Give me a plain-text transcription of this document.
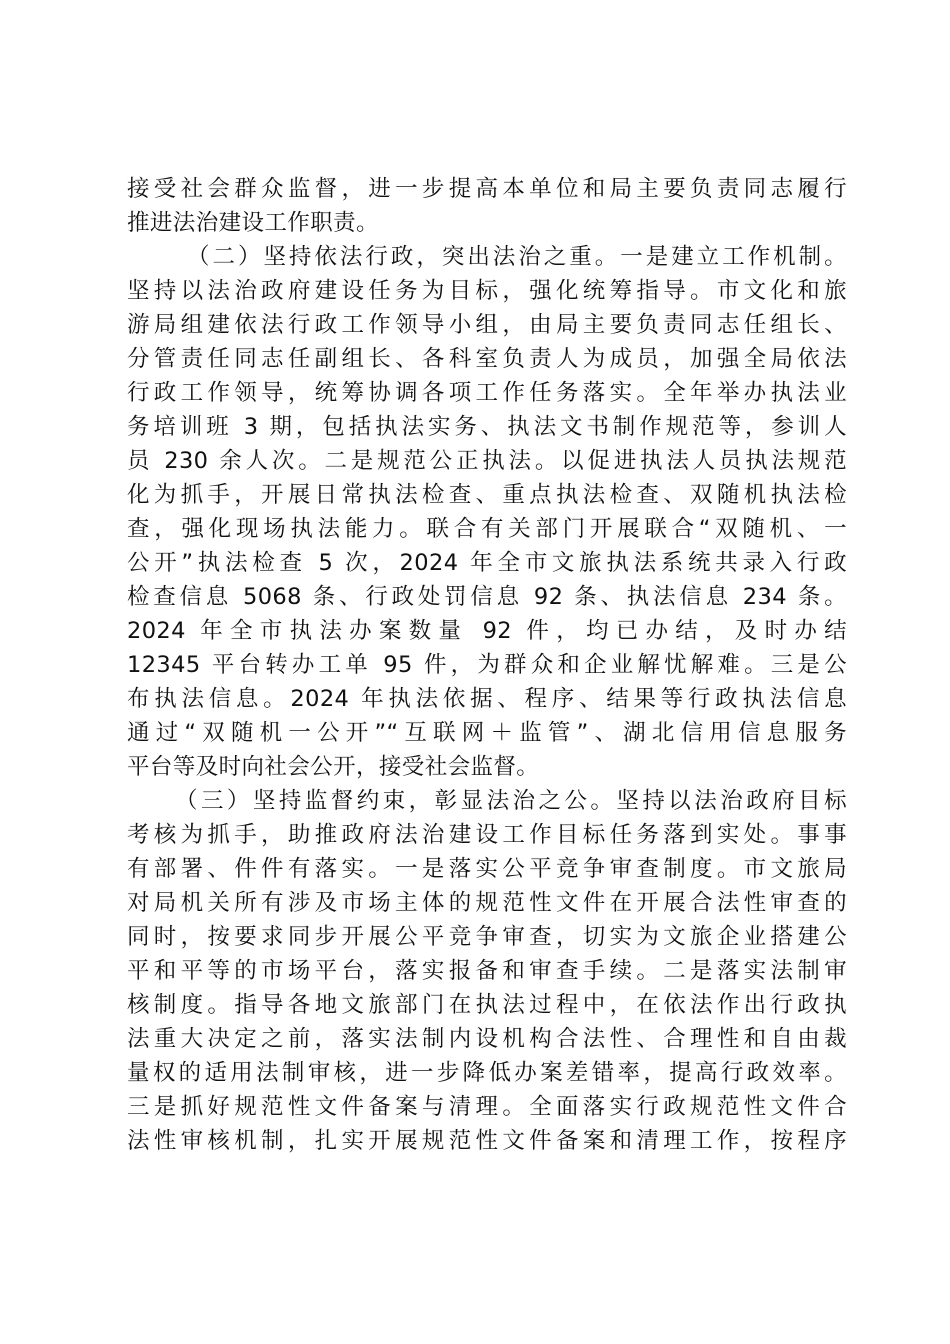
接受社会群众监督，进一步提高本单位和局主要负责同志履行
推进法治建设工作职责。
（二）坚持依法行政，突出法治之重。一是建立工作机制。
坚持以法治政府建设任务为目标，强化统筹指导。市文化和旅
游局组建依法行政工作领导小组，由局主要负责同志任组长、
分管责任同志任副组长、各科室负责人为成员，加强全局依法
行政工作领导，统筹协调各项工作任务落实。全年举办执法业
务培训班 3 期，包括执法实务、执法文书制作规范等，参训人
员 230 余人次。二是规范公正执法。以促进执法人员执法规范
化为抓手，开展日常执法检查、重点执法检查、双随机执法检
查，强化现场执法能力。联合有关部门开展联合“双随机、一
公开”执法检查 5 次，2024 年全市文旅执法系统共录入行政
检查信息 5068 条、行政处罚信息 92 条、执法信息 234 条。
2024 年全市执法办案数量 92 件，均已办结，及时办结
12345 平台转办工单 95 件，为群众和企业解忧解难。三是公
布执法信息。2024 年执法依据、程序、结果等行政执法信息
通过“双随机一公开”“互联网＋监管”、湖北信用信息服务
平台等及时向社会公开，接受社会监督。
（三）坚持监督约束，彰显法治之公。坚持以法治政府目标
考核为抓手，助推政府法治建设工作目标任务落到实处。事事
有部署、件件有落实。一是落实公平竞争审查制度。市文旅局
对局机关所有涉及市场主体的规范性文件在开展合法性审查的
同时，按要求同步开展公平竞争审查，切实为文旅企业搭建公
平和平等的市场平台，落实报备和审查手续。二是落实法制审
核制度。指导各地文旅部门在执法过程中，在依法作出行政执
法重大决定之前，落实法制内设机构合法性、合理性和自由裁
量权的适用法制审核，进一步降低办案差错率，提高行政效率。
三是抓好规范性文件备案与清理。全面落实行政规范性文件合
法性审核机制，扎实开展规范性文件备案和清理工作，按程序
